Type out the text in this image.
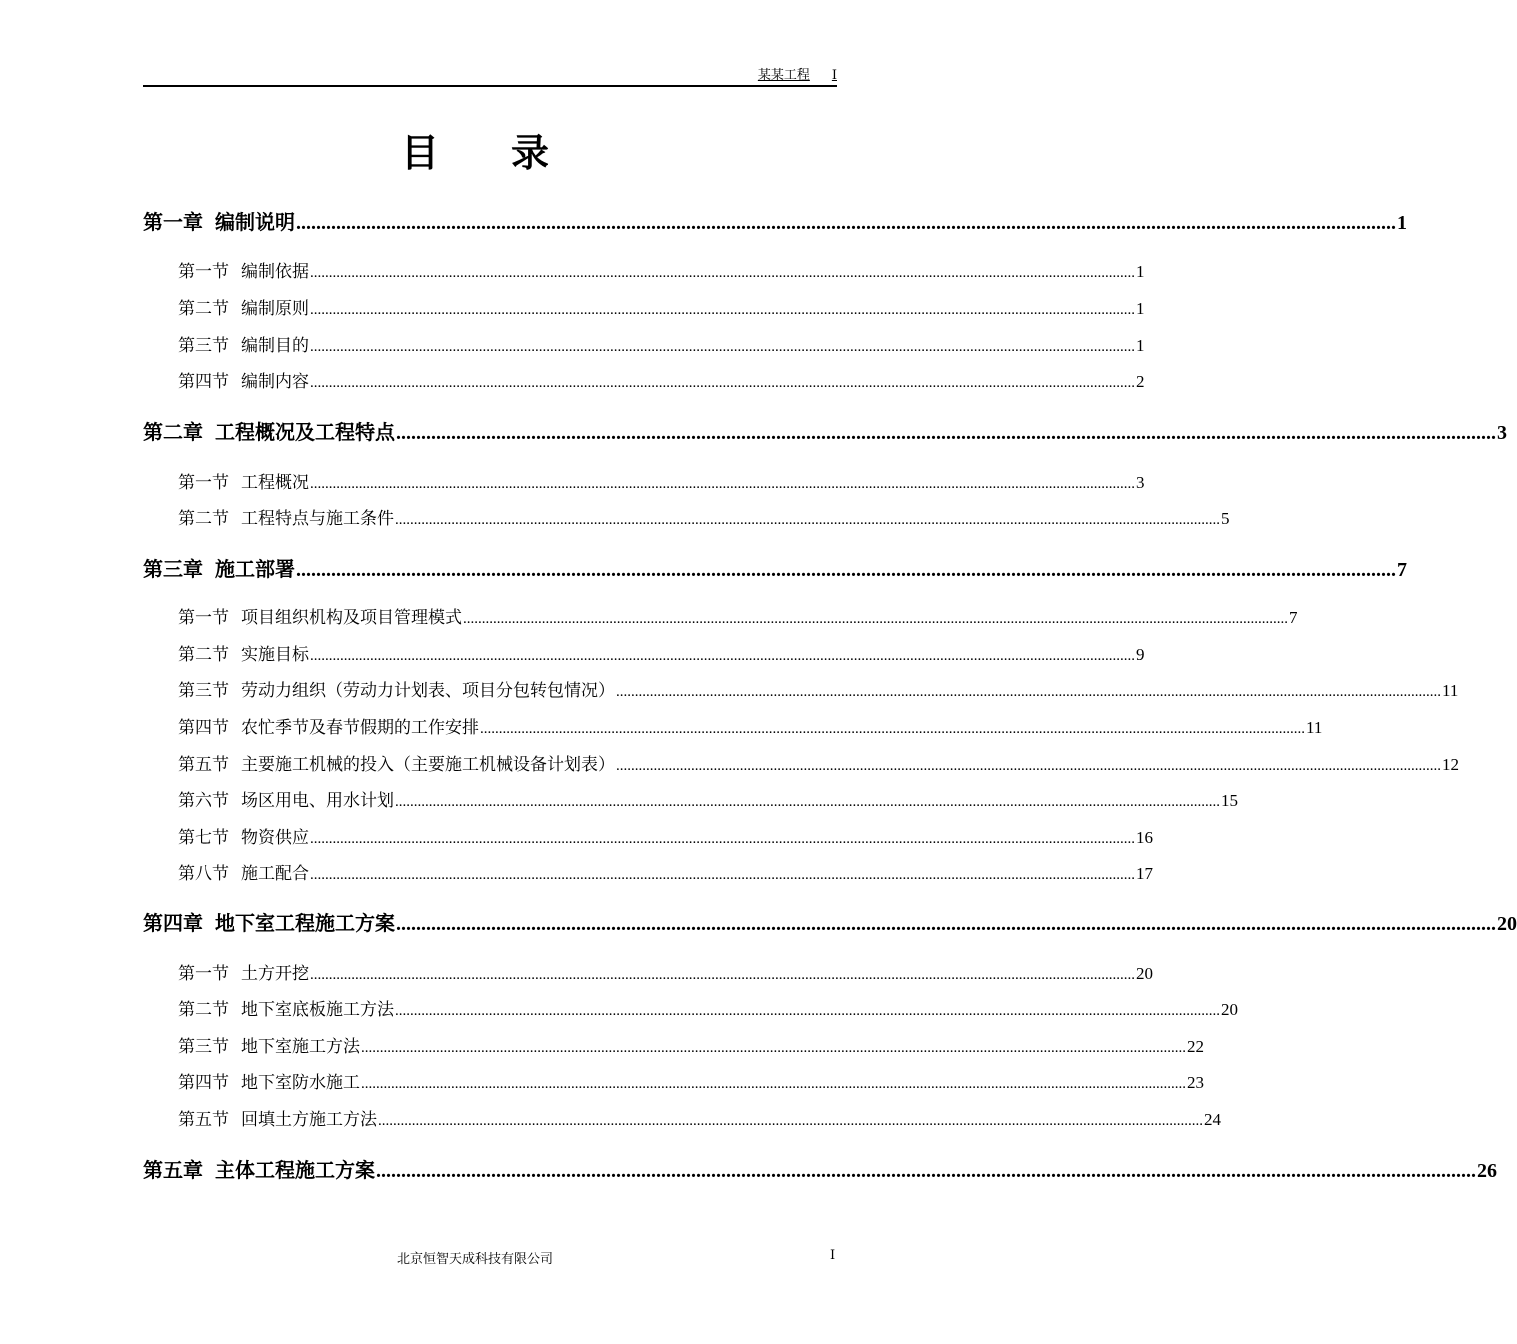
某某工程 I
目录
第一章 编制说明 ............................................................................................................................................................................................................................ 1
第一节 编制依据 ............................................................................................................................................................................................................................ 1
第二节 编制原则 ............................................................................................................................................................................................................................ 1
第三节 编制目的 ............................................................................................................................................................................................................................ 1
第四节 编制内容 ............................................................................................................................................................................................................................ 2
第二章 工程概况及工程特点 ............................................................................................................................................................................................................................ 3
第一节 工程概况 ............................................................................................................................................................................................................................ 3
第二节 工程特点与施工条件 ............................................................................................................................................................................................................................ 5
第三章 施工部署 ............................................................................................................................................................................................................................ 7
第一节 项目组织机构及项目管理模式 ............................................................................................................................................................................................................................ 7
第二节 实施目标 ............................................................................................................................................................................................................................ 9
第三节 劳动力组织（劳动力计划表、项目分包转包情况） ............................................................................................................................................................................................................................ 11
第四节 农忙季节及春节假期的工作安排 ............................................................................................................................................................................................................................ 11
第五节 主要施工机械的投入（主要施工机械设备计划表） ............................................................................................................................................................................................................................ 12
第六节 场区用电、用水计划 ............................................................................................................................................................................................................................ 15
第七节 物资供应 ............................................................................................................................................................................................................................ 16
第八节 施工配合 ............................................................................................................................................................................................................................ 17
第四章 地下室工程施工方案 ............................................................................................................................................................................................................................ 20
第一节 土方开挖 ............................................................................................................................................................................................................................ 20
第二节 地下室底板施工方法 ............................................................................................................................................................................................................................ 20
第三节 地下室施工方法 ............................................................................................................................................................................................................................ 22
第四节 地下室防水施工 ............................................................................................................................................................................................................................ 23
第五节 回填土方施工方法 ............................................................................................................................................................................................................................ 24
第五章 主体工程施工方案 ............................................................................................................................................................................................................................ 26
北京恒智天成科技有限公司	I
